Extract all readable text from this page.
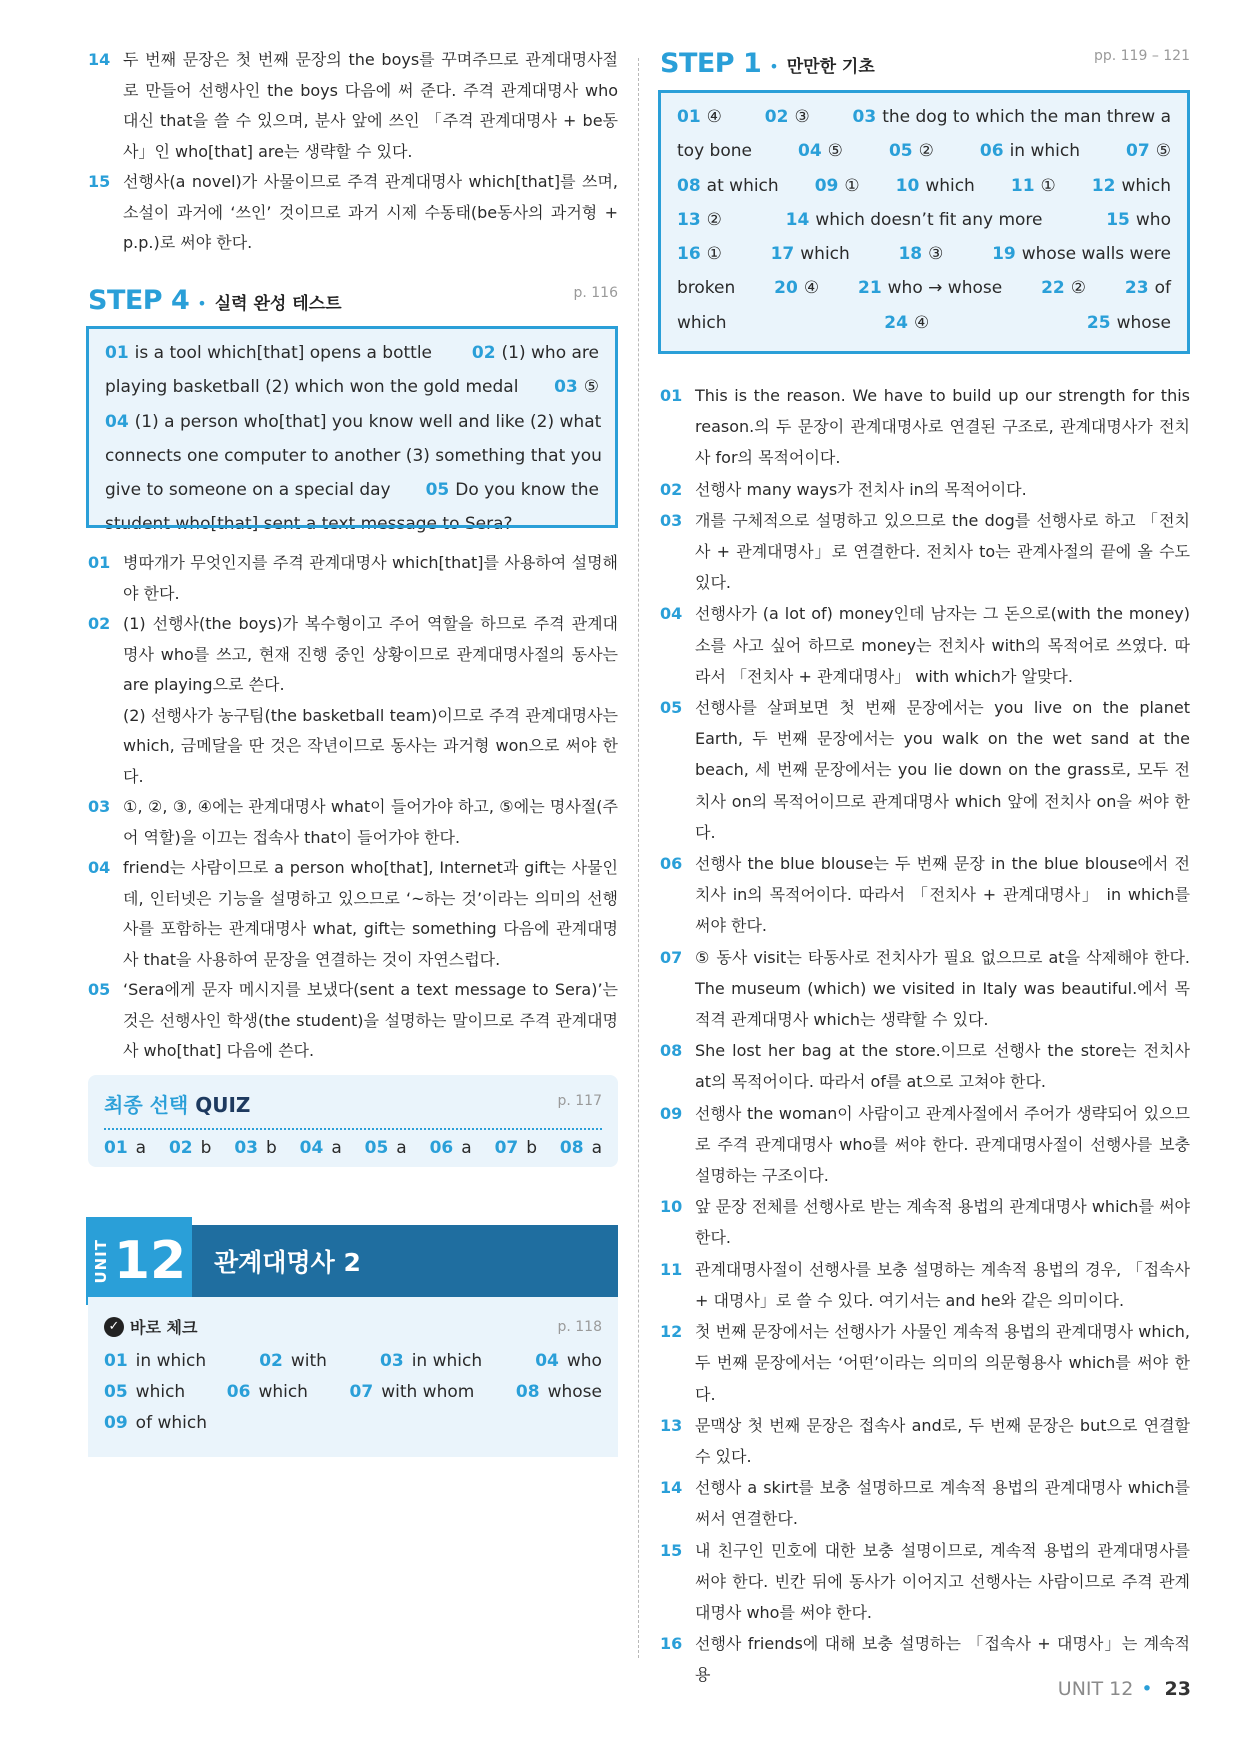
14 두 번째 문장은 첫 번째 문장의 the boys를 꾸며주므로 관계대명사절로 만들어 선행사인 the boys 다음에 써 준다. 주격 관계대명사 who 대신 that을 쓸 수 있으며, 분사 앞에 쓰인 「주격 관계대명사 + be동사」인 who[that] are는 생략할 수 있다.
15 선행사(a novel)가 사물이므로 주격 관계대명사 which[that]를 쓰며, 소설이 과거에 ‘쓰인’ 것이므로 과거 시제 수동태(be동사의 과거형 + p.p.)로 써야 한다.
STEP 4 • 실력 완성 테스트
p. 116
01 is a tool which[that] opens a bottle 02 (1) who are
playing basketball (2) which won the gold medal 03 ⑤
04 (1) a person who[that] you know well and like (2) what
connects one computer to another (3) something that you
give to someone on a special day 05 Do you know the
student who[that] sent a text message to Sera?
01 병따개가 무엇인지를 주격 관계대명사 which[that]를 사용하여 설명해야 한다.
02 (1) 선행사(the boys)가 복수형이고 주어 역할을 하므로 주격 관계대명사 who를 쓰고, 현재 진행 중인 상황이므로 관계대명사절의 동사는 are playing으로 쓴다.
(2) 선행사가 농구팀(the basketball team)이므로 주격 관계대명사는 which, 금메달을 딴 것은 작년이므로 동사는 과거형 won으로 써야 한다.
03 ①, ②, ③, ④에는 관계대명사 what이 들어가야 하고, ⑤에는 명사절(주어 역할)을 이끄는 접속사 that이 들어가야 한다.
04 friend는 사람이므로 a person who[that], Internet과 gift는 사물인데, 인터넷은 기능을 설명하고 있으므로 ‘~하는 것’이라는 의미의 선행사를 포함하는 관계대명사 what, gift는 something 다음에 관계대명사 that을 사용하여 문장을 연결하는 것이 자연스럽다.
05 ‘Sera에게 문자 메시지를 보냈다(sent a text message to Sera)’는 것은 선행사인 학생(the student)을 설명하는 말이므로 주격 관계대명사 who[that] 다음에 쓴다.
최종 선택 QUIZ	p. 117
01 a 02 b 03 b 04 a 05 a 06 a 07 b 08 a
UNIT 12 관계대명사 2
✓ 바로 체크	p. 118
01 in which	02 with	03 in which	04 who
05 which 06 which 07 with whom 08 whose
09 of which
STEP 1 • 만만한 기초
pp. 119 – 121
01 ④	02 ③	03 the dog to which the man threw a
toy bone	04 ⑤	05 ②	06 in which	07 ⑤
08 at which 09 ① 10 which 11 ① 12 which
13 ②	14 which doesn’t fit any more	15 who
16 ①	17 which	18 ③	19 whose walls were
broken 20 ④ 21 who → whose 22 ② 23 of
which	24 ④	25 whose
01 This is the reason. We have to build up our strength for this reason.의 두 문장이 관계대명사로 연결된 구조로, 관계대명사가 전치사 for의 목적어이다.
02 선행사 many ways가 전치사 in의 목적어이다.
03 개를 구체적으로 설명하고 있으므로 the dog를 선행사로 하고 「전치사 + 관계대명사」로 연결한다. 전치사 to는 관계사절의 끝에 올 수도 있다.
04 선행사가 (a lot of) money인데 남자는 그 돈으로(with the money) 소를 사고 싶어 하므로 money는 전치사 with의 목적어로 쓰였다. 따라서 「전치사 + 관계대명사」 with which가 알맞다.
05 선행사를 살펴보면 첫 번째 문장에서는 you live on the planet Earth, 두 번째 문장에서는 you walk on the wet sand at the beach, 세 번째 문장에서는 you lie down on the grass로, 모두 전치사 on의 목적어이므로 관계대명사 which 앞에 전치사 on을 써야 한다.
06 선행사 the blue blouse는 두 번째 문장 in the blue blouse에서 전치사 in의 목적어이다. 따라서 「전치사 + 관계대명사」 in which를 써야 한다.
07 ⑤ 동사 visit는 타동사로 전치사가 필요 없으므로 at을 삭제해야 한다. The museum (which) we visited in Italy was beautiful.에서 목적격 관계대명사 which는 생략할 수 있다.
08 She lost her bag at the store.이므로 선행사 the store는 전치사 at의 목적어이다. 따라서 of를 at으로 고쳐야 한다.
09 선행사 the woman이 사람이고 관계사절에서 주어가 생략되어 있으므로 주격 관계대명사 who를 써야 한다. 관계대명사절이 선행사를 보충 설명하는 구조이다.
10 앞 문장 전체를 선행사로 받는 계속적 용법의 관계대명사 which를 써야 한다.
11 관계대명사절이 선행사를 보충 설명하는 계속적 용법의 경우, 「접속사 + 대명사」로 쓸 수 있다. 여기서는 and he와 같은 의미이다.
12 첫 번째 문장에서는 선행사가 사물인 계속적 용법의 관계대명사 which, 두 번째 문장에서는 ‘어떤’이라는 의미의 의문형용사 which를 써야 한다.
13 문맥상 첫 번째 문장은 접속사 and로, 두 번째 문장은 but으로 연결할 수 있다.
14 선행사 a skirt를 보충 설명하므로 계속적 용법의 관계대명사 which를 써서 연결한다.
15 내 친구인 민호에 대한 보충 설명이므로, 계속적 용법의 관계대명사를 써야 한다. 빈칸 뒤에 동사가 이어지고 선행사는 사람이므로 주격 관계대명사 who를 써야 한다.
16 선행사 friends에 대해 보충 설명하는 「접속사 + 대명사」는 계속적 용
UNIT 12 • 23
